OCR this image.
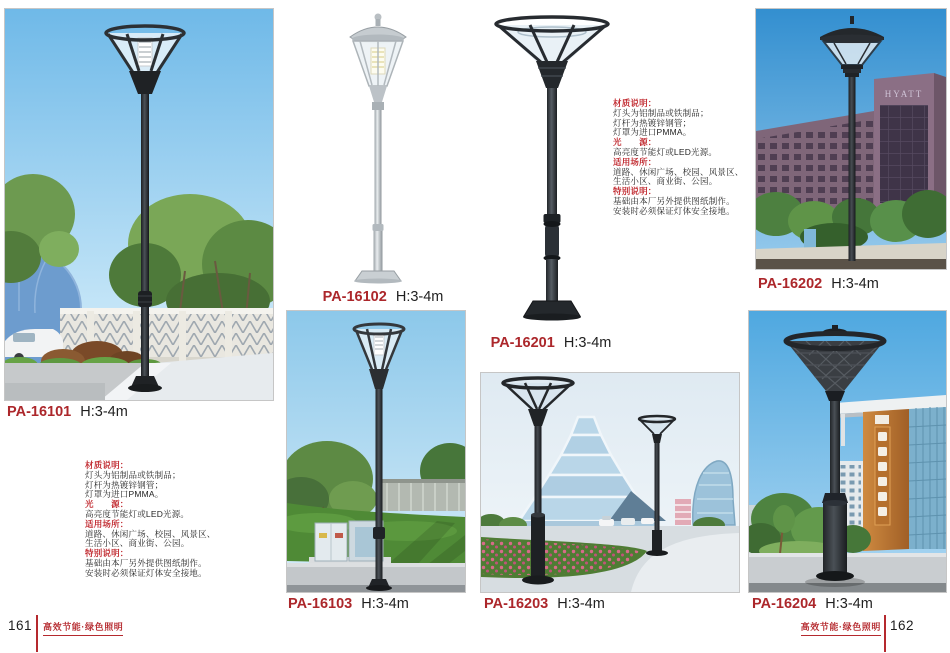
PA-16101 H:3-4m
PA-16102 H:3-4m
PA-16201 H:3-4m
材质说明：
灯头为铝制品或铁制品；
灯杆为热镀锌钢管；
灯罩为进口PMMA。
光　　源：
高亮度节能灯或LED光源。
适用场所：
道路、休闲广场、校园、风景区、
生活小区、商业街、公园。
特别说明：
基础由本厂另外提供图纸制作。
安装时必须保证灯体安全接地。
HYATT
PA-16202 H:3-4m
PA-16103 H:3-4m
材质说明：
灯头为铝制品或铁制品；
灯杆为热镀锌钢管；
灯罩为进口PMMA。
光　　源：
高亮度节能灯或LED光源。
适用场所：
道路、休闲广场、校园、风景区、
生活小区、商业街、公园。
特别说明：
基础由本厂另外提供图纸制作。
安装时必须保证灯体安全接地。
PA-16203 H:3-4m	PA-16204 H:3-4m
161 高效节能·绿色照明	高效节能·绿色照明 162
